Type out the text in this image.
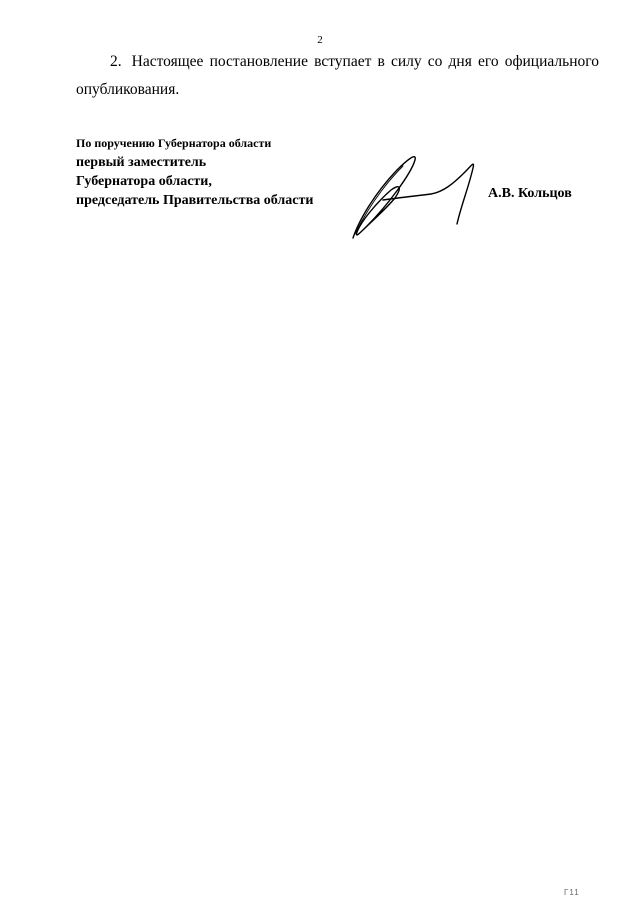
2
2. Настоящее постановление вступает в силу со дня его официального
опубликования.
По поручению Губернатора области
первый заместитель
Губернатора области,
председатель Правительства области	А.В. Кольцов
Г11
